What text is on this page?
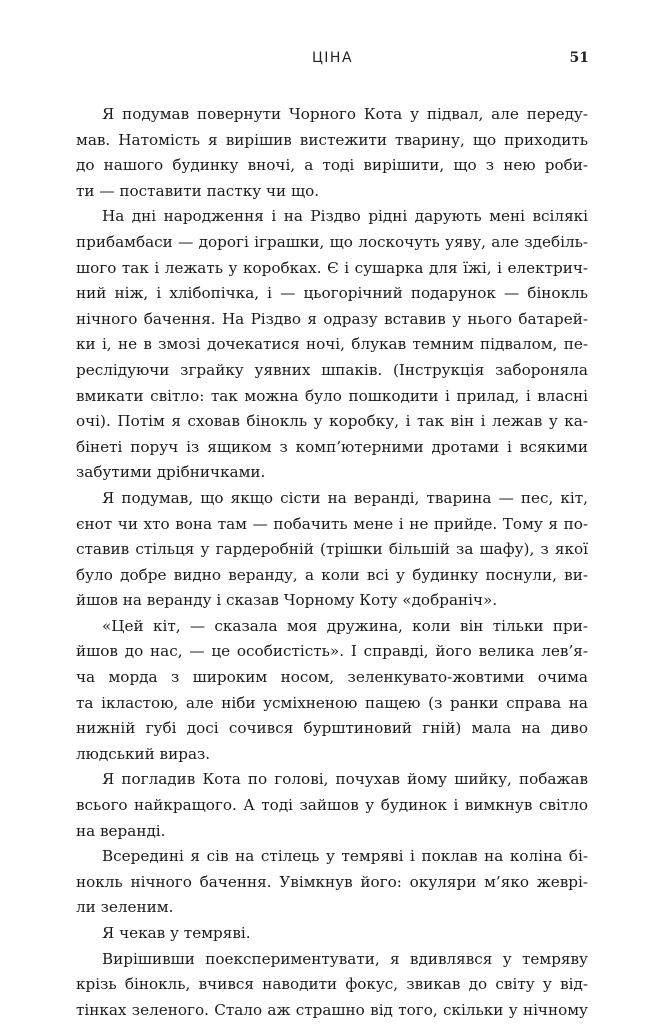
ЦІНА	51
Я подумав повернути Чорного Кота у підвал, але переду-
мав. Натомість я вирішив вистежити тварину, що приходить
до нашого будинку вночі, а тоді вирішити, що з нею роби-
ти — поставити пастку чи що.
На дні народження і на Різдво рідні дарують мені всілякі
прибамбаси — дорогі іграшки, що лоскочуть уяву, але здебіль-
шого так і лежать у коробках. Є і сушарка для їжі, і електрич-
ний ніж, і хлібопічка, і — цьогорічний подарунок — бінокль
нічного бачення. На Різдво я одразу вставив у нього батарей-
ки і, не в змозі дочекатися ночі, блукав темним підвалом, пе-
реслідуючи зграйку уявних шпаків. (Інструкція забороняла
вмикати світло: так можна було пошкодити і прилад, і власні
очі). Потім я сховав бінокль у коробку, і так він і лежав у ка-
бінеті поруч із ящиком з комп’ютерними дротами і всякими
забутими дрібничками.
Я подумав, що якщо сісти на веранді, тварина — пес, кіт,
єнот чи хто вона там — побачить мене і не прийде. Тому я по-
ставив стільця у гардеробній (трішки більшій за шафу), з якої
було добре видно веранду, а коли всі у будинку поснули, ви-
йшов на веранду і сказав Чорному Коту «добраніч».
«Цей кіт, — сказала моя дружина, коли він тільки при-
йшов до нас, — це особистість». І справді, його велика лев’я-
ча морда з широким носом, зеленкувато-жовтими очима
та ікластою, але ніби усміхненою пащею (з ранки справа на
нижній губі досі сочився бурштиновий гній) мала на диво
людський вираз.
Я погладив Кота по голові, почухав йому шийку, побажав
всього найкращого. А тоді зайшов у будинок і вимкнув світло
на веранді.
Всередині я сів на стілець у темряві і поклав на коліна бі-
нокль нічного бачення. Увімкнув його: окуляри м’яко жеврі-
ли зеленим.
Я чекав у темряві.
Вирішивши поекспериментувати, я вдивлявся у темряву
крізь бінокль, вчився наводити фокус, звикав до світу у від-
тінках зеленого. Стало аж страшно від того, скільки у нічному
